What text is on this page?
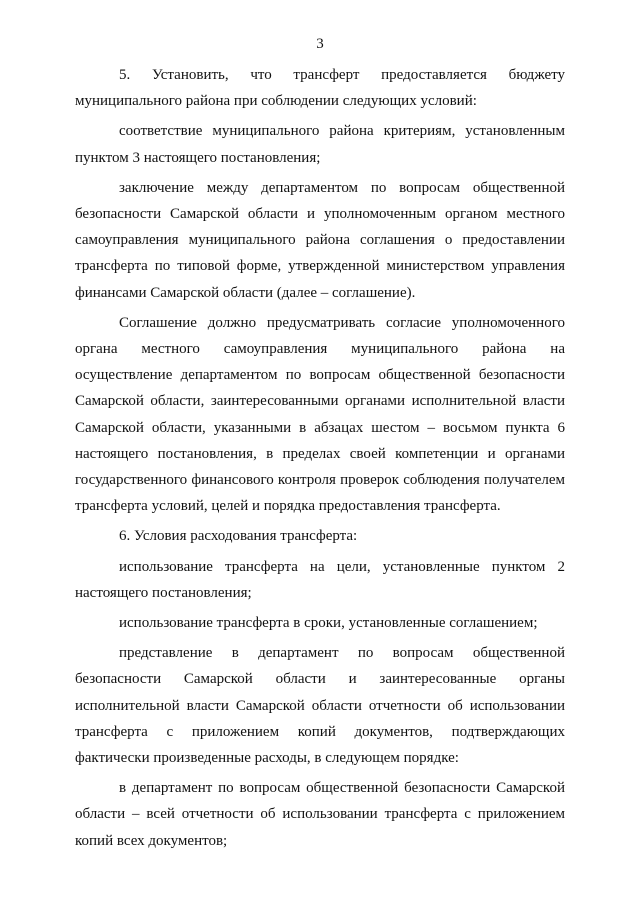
3

5. Установить, что трансферт предоставляется бюджету муниципального района при соблюдении следующих условий:

соответствие муниципального района критериям, установленным пунктом 3 настоящего постановления;

заключение между департаментом по вопросам общественной безопасности Самарской области и уполномоченным органом местного самоуправления муниципального района соглашения о предоставлении трансферта по типовой форме, утвержденной министерством управления финансами Самарской области (далее – соглашение).

Соглашение должно предусматривать согласие уполномоченного органа местного самоуправления муниципального района на осуществление департаментом по вопросам общественной безопасности Самарской области, заинтересованными органами исполнительной власти Самарской области, указанными в абзацах шестом – восьмом пункта 6 настоящего постановления, в пределах своей компетенции и органами государственного финансового контроля проверок соблюдения получателем трансферта условий, целей и порядка предоставления трансферта.

6. Условия расходования трансферта:

использование трансферта на цели, установленные пунктом 2 настоящего постановления;

использование трансферта в сроки, установленные соглашением;

представление в департамент по вопросам общественной безопасности Самарской области и заинтересованные органы исполнительной власти Самарской области отчетности об использовании трансферта с приложением копий документов, подтверждающих фактически произведенные расходы, в следующем порядке:

в департамент по вопросам общественной безопасности Самарской области – всей отчетности об использовании трансферта с приложением копий всех документов;
